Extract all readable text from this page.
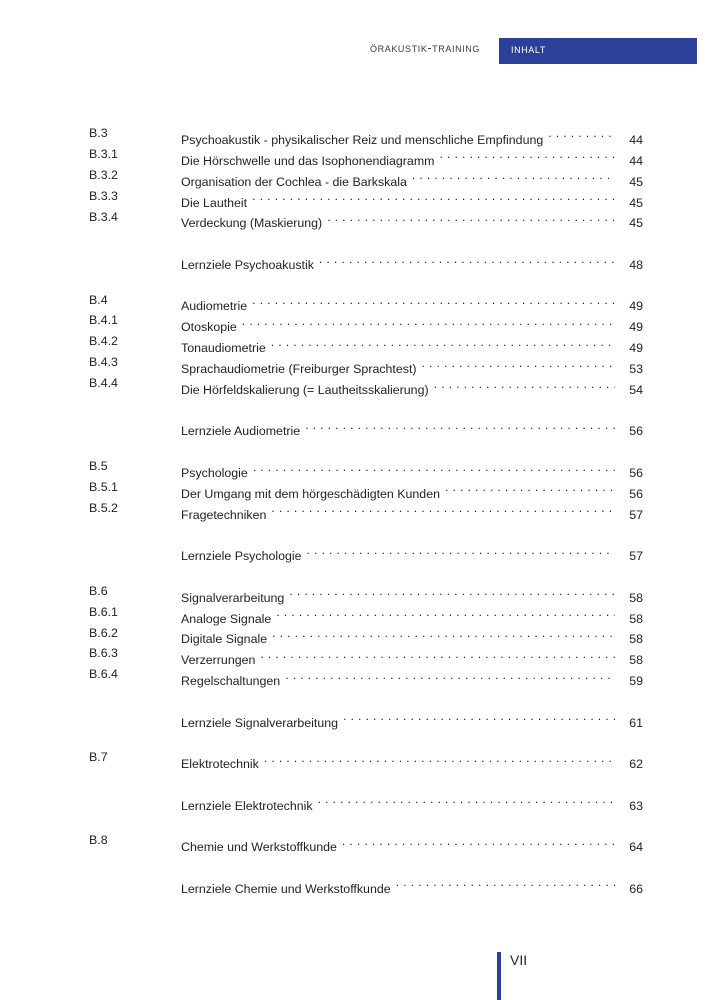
hörakustik-training inhalt
B.3	Psychoakustik - physikalischer Reiz und menschliche Empfindung .....	44
B.3.1	Die Hörschwelle und das Isophonendiagramm .....	44
B.3.2	Organisation der Cochlea - die Barkskala .....	45
B.3.3	Die Lautheit .....	45
B.3.4	Verdeckung (Maskierung) .....	45
Lernziele Psychoakustik .....	48
B.4	Audiometrie .....	49
B.4.1	Otoskopie .....	49
B.4.2	Tonaudiometrie .....	49
B.4.3	Sprachaudiometrie (Freiburger Sprachtest) .....	53
B.4.4	Die Hörfeldskalierung (= Lautheitsskalierung) .....	54
Lernziele Audiometrie .....	56
B.5	Psychologie .....	56
B.5.1	Der Umgang mit dem hörgeschädigten Kunden .....	56
B.5.2	Fragetechniken .....	57
Lernziele Psychologie .....	57
B.6	Signalverarbeitung .....	58
B.6.1	Analoge Signale .....	58
B.6.2	Digitale Signale .....	58
B.6.3	Verzerrungen .....	58
B.6.4	Regelschaltungen .....	59
Lernziele Signalverarbeitung .....	61
B.7	Elektrotechnik .....	62
Lernziele Elektrotechnik .....	63
B.8	Chemie und Werkstoffkunde .....	64
Lernziele Chemie und Werkstoffkunde .....	66
VII
